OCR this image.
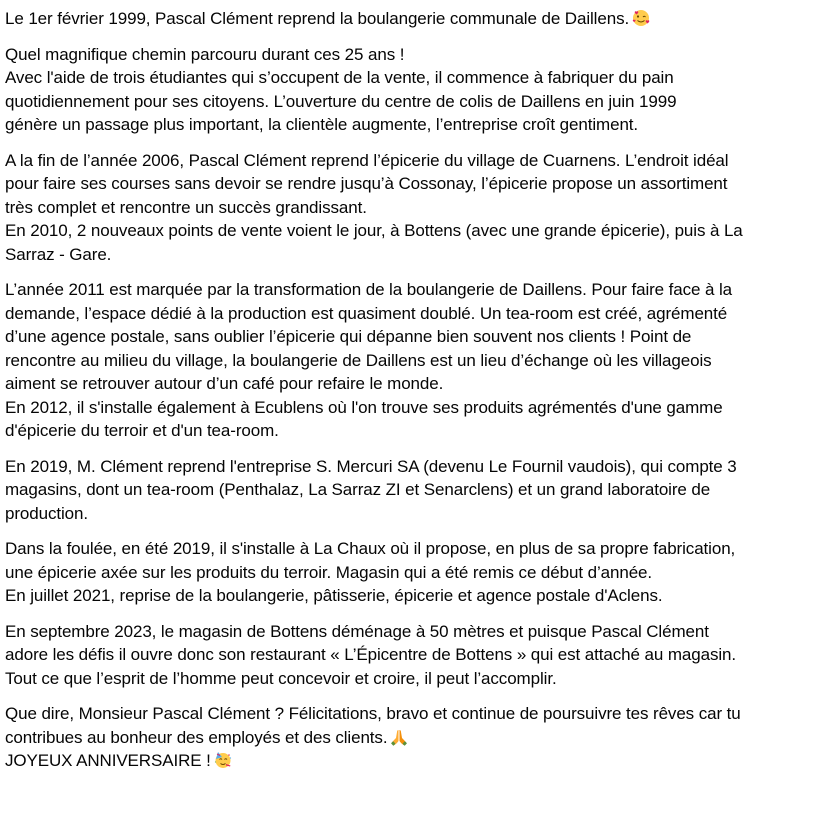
Le 1er février 1999, Pascal Clément reprend la boulangerie communale de Daillens.

Quel magnifique chemin parcouru durant ces 25 ans !
Avec l'aide de trois étudiantes qui s’occupent de la vente, il commence à fabriquer du pain
quotidiennement pour ses citoyens. L’ouverture du centre de colis de Daillens en juin 1999
génère un passage plus important, la clientèle augmente, l’entreprise croît gentiment.

A la fin de l’année 2006, Pascal Clément reprend l’épicerie du village de Cuarnens. L’endroit idéal
pour faire ses courses sans devoir se rendre jusqu’à Cossonay, l’épicerie propose un assortiment
très complet et rencontre un succès grandissant.
En 2010, 2 nouveaux points de vente voient le jour, à Bottens (avec une grande épicerie), puis à La
Sarraz - Gare.

L’année 2011 est marquée par la transformation de la boulangerie de Daillens. Pour faire face à la
demande, l’espace dédié à la production est quasiment doublé. Un tea-room est créé, agrémenté
d’une agence postale, sans oublier l’épicerie qui dépanne bien souvent nos clients ! Point de
rencontre au milieu du village, la boulangerie de Daillens est un lieu d’échange où les villageois
aiment se retrouver autour d’un café pour refaire le monde.
En 2012, il s'installe également à Ecublens où l'on trouve ses produits agrémentés d'une gamme
d'épicerie du terroir et d'un tea-room.

En 2019, M. Clément reprend l'entreprise S. Mercuri SA (devenu Le Fournil vaudois), qui compte 3
magasins, dont un tea-room (Penthalaz, La Sarraz ZI et Senarclens) et un grand laboratoire de
production.

Dans la foulée, en été 2019, il s'installe à La Chaux où il propose, en plus de sa propre fabrication,
une épicerie axée sur les produits du terroir. Magasin qui a été remis ce début d’année.
En juillet 2021, reprise de la boulangerie, pâtisserie, épicerie et agence postale d'Aclens.

En septembre 2023, le magasin de Bottens déménage à 50 mètres et puisque Pascal Clément
adore les défis il ouvre donc son restaurant « L’Épicentre de Bottens » qui est attaché au magasin.
Tout ce que l’esprit de l’homme peut concevoir et croire, il peut l’accomplir.

Que dire, Monsieur Pascal Clément ? Félicitations, bravo et continue de poursuivre tes rêves car tu
contribues au bonheur des employés et des clients.
JOYEUX ANNIVERSAIRE !
